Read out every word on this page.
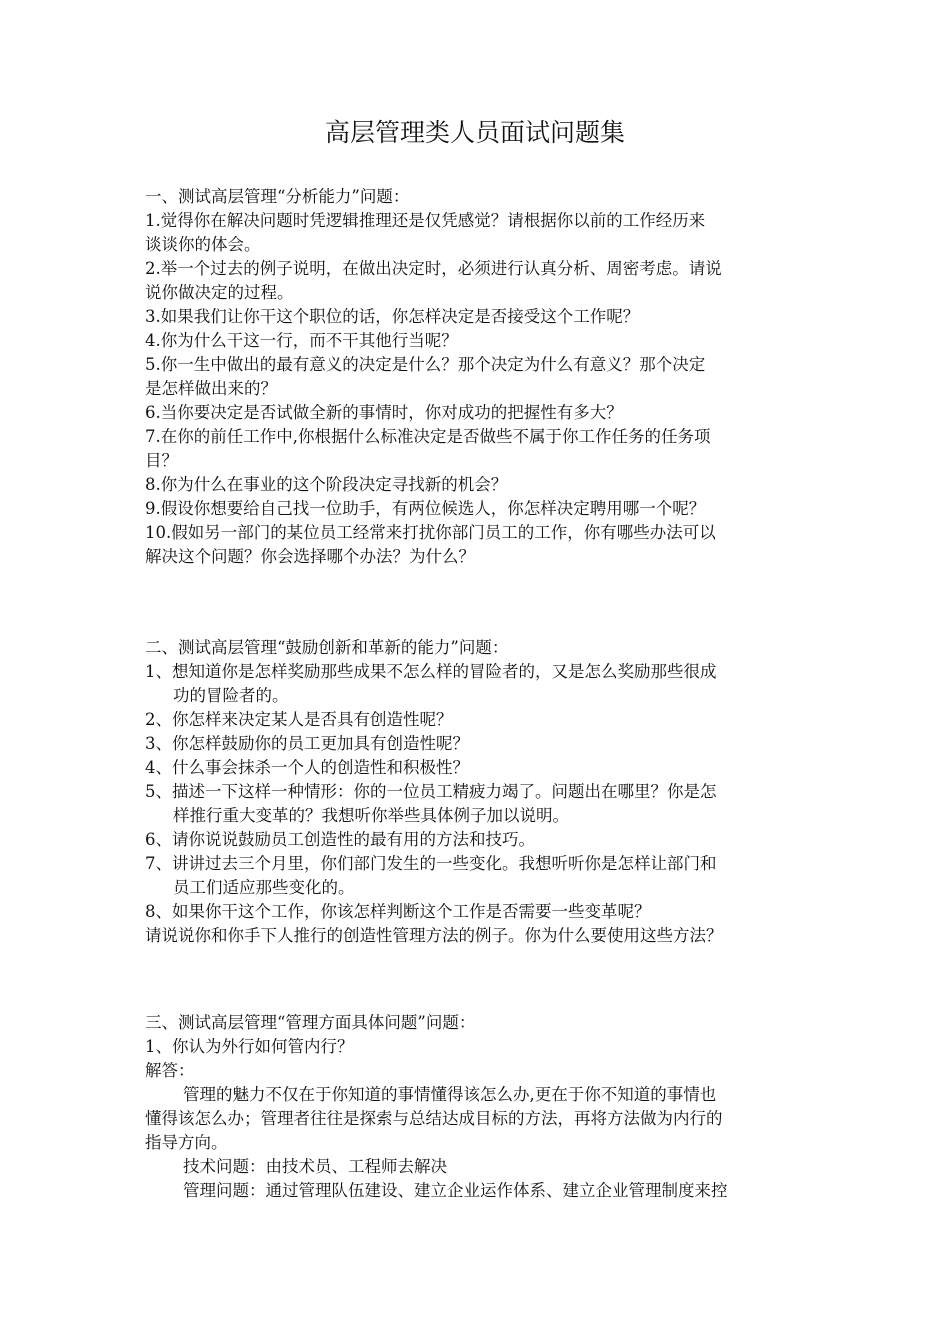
高层管理类人员面试问题集
一、测试高层管理“分析能力”问题：
1.觉得你在解决问题时凭逻辑推理还是仅凭感觉？请根据你以前的工作经历来
谈谈你的体会。
2.举一个过去的例子说明，在做出决定时，必须进行认真分析、周密考虑。请说
说你做决定的过程。
3.如果我们让你干这个职位的话，你怎样决定是否接受这个工作呢？
4.你为什么干这一行，而不干其他行当呢？
5.你一生中做出的最有意义的决定是什么？那个决定为什么有意义？那个决定
是怎样做出来的？
6.当你要决定是否试做全新的事情时，你对成功的把握性有多大？
7.在你的前任工作中,你根据什么标准决定是否做些不属于你工作任务的任务项
目？
8.你为什么在事业的这个阶段决定寻找新的机会？
9.假设你想要给自己找一位助手，有两位候选人，你怎样决定聘用哪一个呢？
10.假如另一部门的某位员工经常来打扰你部门员工的工作，你有哪些办法可以
解决这个问题？你会选择哪个办法？为什么？
二、测试高层管理“鼓励创新和革新的能力”问题：
1、想知道你是怎样奖励那些成果不怎么样的冒险者的，又是怎么奖励那些很成
功的冒险者的。
2、你怎样来决定某人是否具有创造性呢？
3、你怎样鼓励你的员工更加具有创造性呢？
4、什么事会抹杀一个人的创造性和积极性？
5、描述一下这样一种情形：你的一位员工精疲力竭了。问题出在哪里？你是怎
样推行重大变革的？我想听你举些具体例子加以说明。
6、请你说说鼓励员工创造性的最有用的方法和技巧。
7、讲讲过去三个月里，你们部门发生的一些变化。我想听听你是怎样让部门和
员工们适应那些变化的。
8、如果你干这个工作，你该怎样判断这个工作是否需要一些变革呢？
请说说你和你手下人推行的创造性管理方法的例子。你为什么要使用这些方法？
三、测试高层管理“管理方面具体问题”问题：
1、你认为外行如何管内行？
解答：
管理的魅力不仅在于你知道的事情懂得该怎么办,更在于你不知道的事情也
懂得该怎么办；管理者往往是探索与总结达成目标的方法，再将方法做为内行的
指导方向。
技术问题：由技术员、工程师去解决
管理问题：通过管理队伍建设、建立企业运作体系、建立企业管理制度来控
